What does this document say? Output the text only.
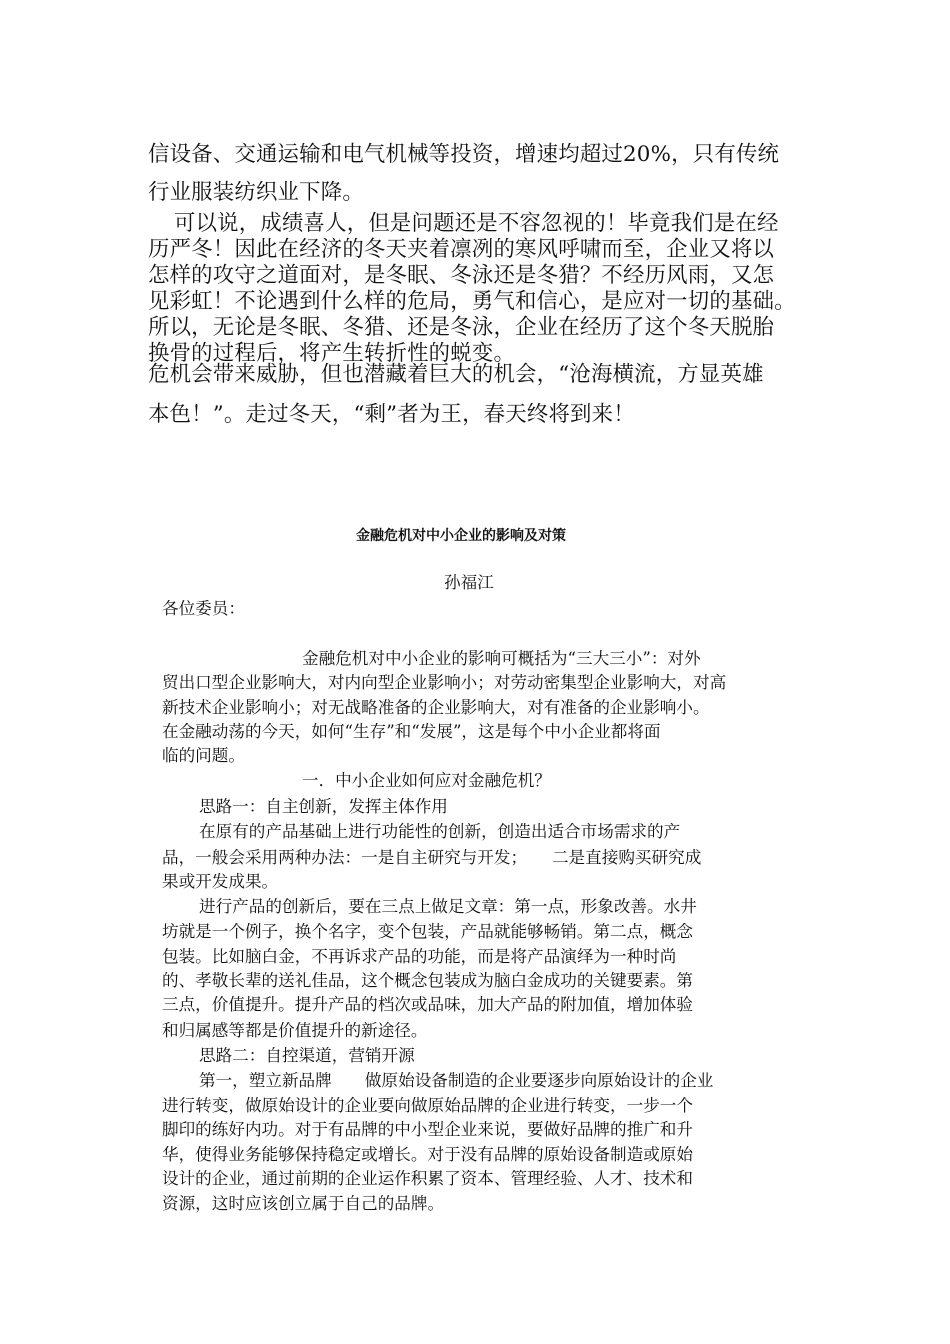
信设备、交通运输和电气机械等投资，增速均超过20%，只有传统

行业服装纺织业下降。

可以说，成绩喜人，但是问题还是不容忽视的！毕竟我们是在经

历严冬！因此在经济的冬天夹着凛冽的寒风呼啸而至，企业又将以

怎样的攻守之道面对，是冬眠、冬泳还是冬猎？不经历风雨，又怎

见彩虹！不论遇到什么样的危局，勇气和信心，是应对一切的基础。

所以，无论是冬眠、冬猎、还是冬泳，企业在经历了这个冬天脱胎

换骨的过程后，将产生转折性的蜕变。

危机会带来威胁，但也潜藏着巨大的机会，“沧海横流，方显英雄

本色！”。走过冬天，“剩”者为王，春天终将到来！

金融危机对中小企业的影响及对策

孙福江

各位委员：

金融危机对中小企业的影响可概括为“三大三小”：对外

贸出口型企业影响大，对内向型企业影响小；对劳动密集型企业影响大，对高

新技术企业影响小；对无战略准备的企业影响大，对有准备的企业影响小。

在金融动荡的今天，如何“生存”和“发展”，这是每个中小企业都将面

临的问题。

一．中小企业如何应对金融危机？

思路一：自主创新，发挥主体作用

在原有的产品基础上进行功能性的创新，创造出适合市场需求的产

品，一般会采用两种办法：一是自主研究与开发；　　二是直接购买研究成

果或开发成果。

进行产品的创新后，要在三点上做足文章：第一点，形象改善。水井

坊就是一个例子，换个名字，变个包装，产品就能够畅销。第二点，概念

包装。比如脑白金，不再诉求产品的功能，而是将产品演绎为一种时尚

的、孝敬长辈的送礼佳品，这个概念包装成为脑白金成功的关键要素。第

三点，价值提升。提升产品的档次或品味，加大产品的附加值，增加体验

和归属感等都是价值提升的新途径。

思路二：自控渠道，营销开源

第一，塑立新品牌　　做原始设备制造的企业要逐步向原始设计的企业

进行转变，做原始设计的企业要向做原始品牌的企业进行转变，一步一个

脚印的练好内功。对于有品牌的中小型企业来说，要做好品牌的推广和升

华，使得业务能够保持稳定或增长。对于没有品牌的原始设备制造或原始

设计的企业，通过前期的企业运作积累了资本、管理经验、人才、技术和

资源，这时应该创立属于自己的品牌。
